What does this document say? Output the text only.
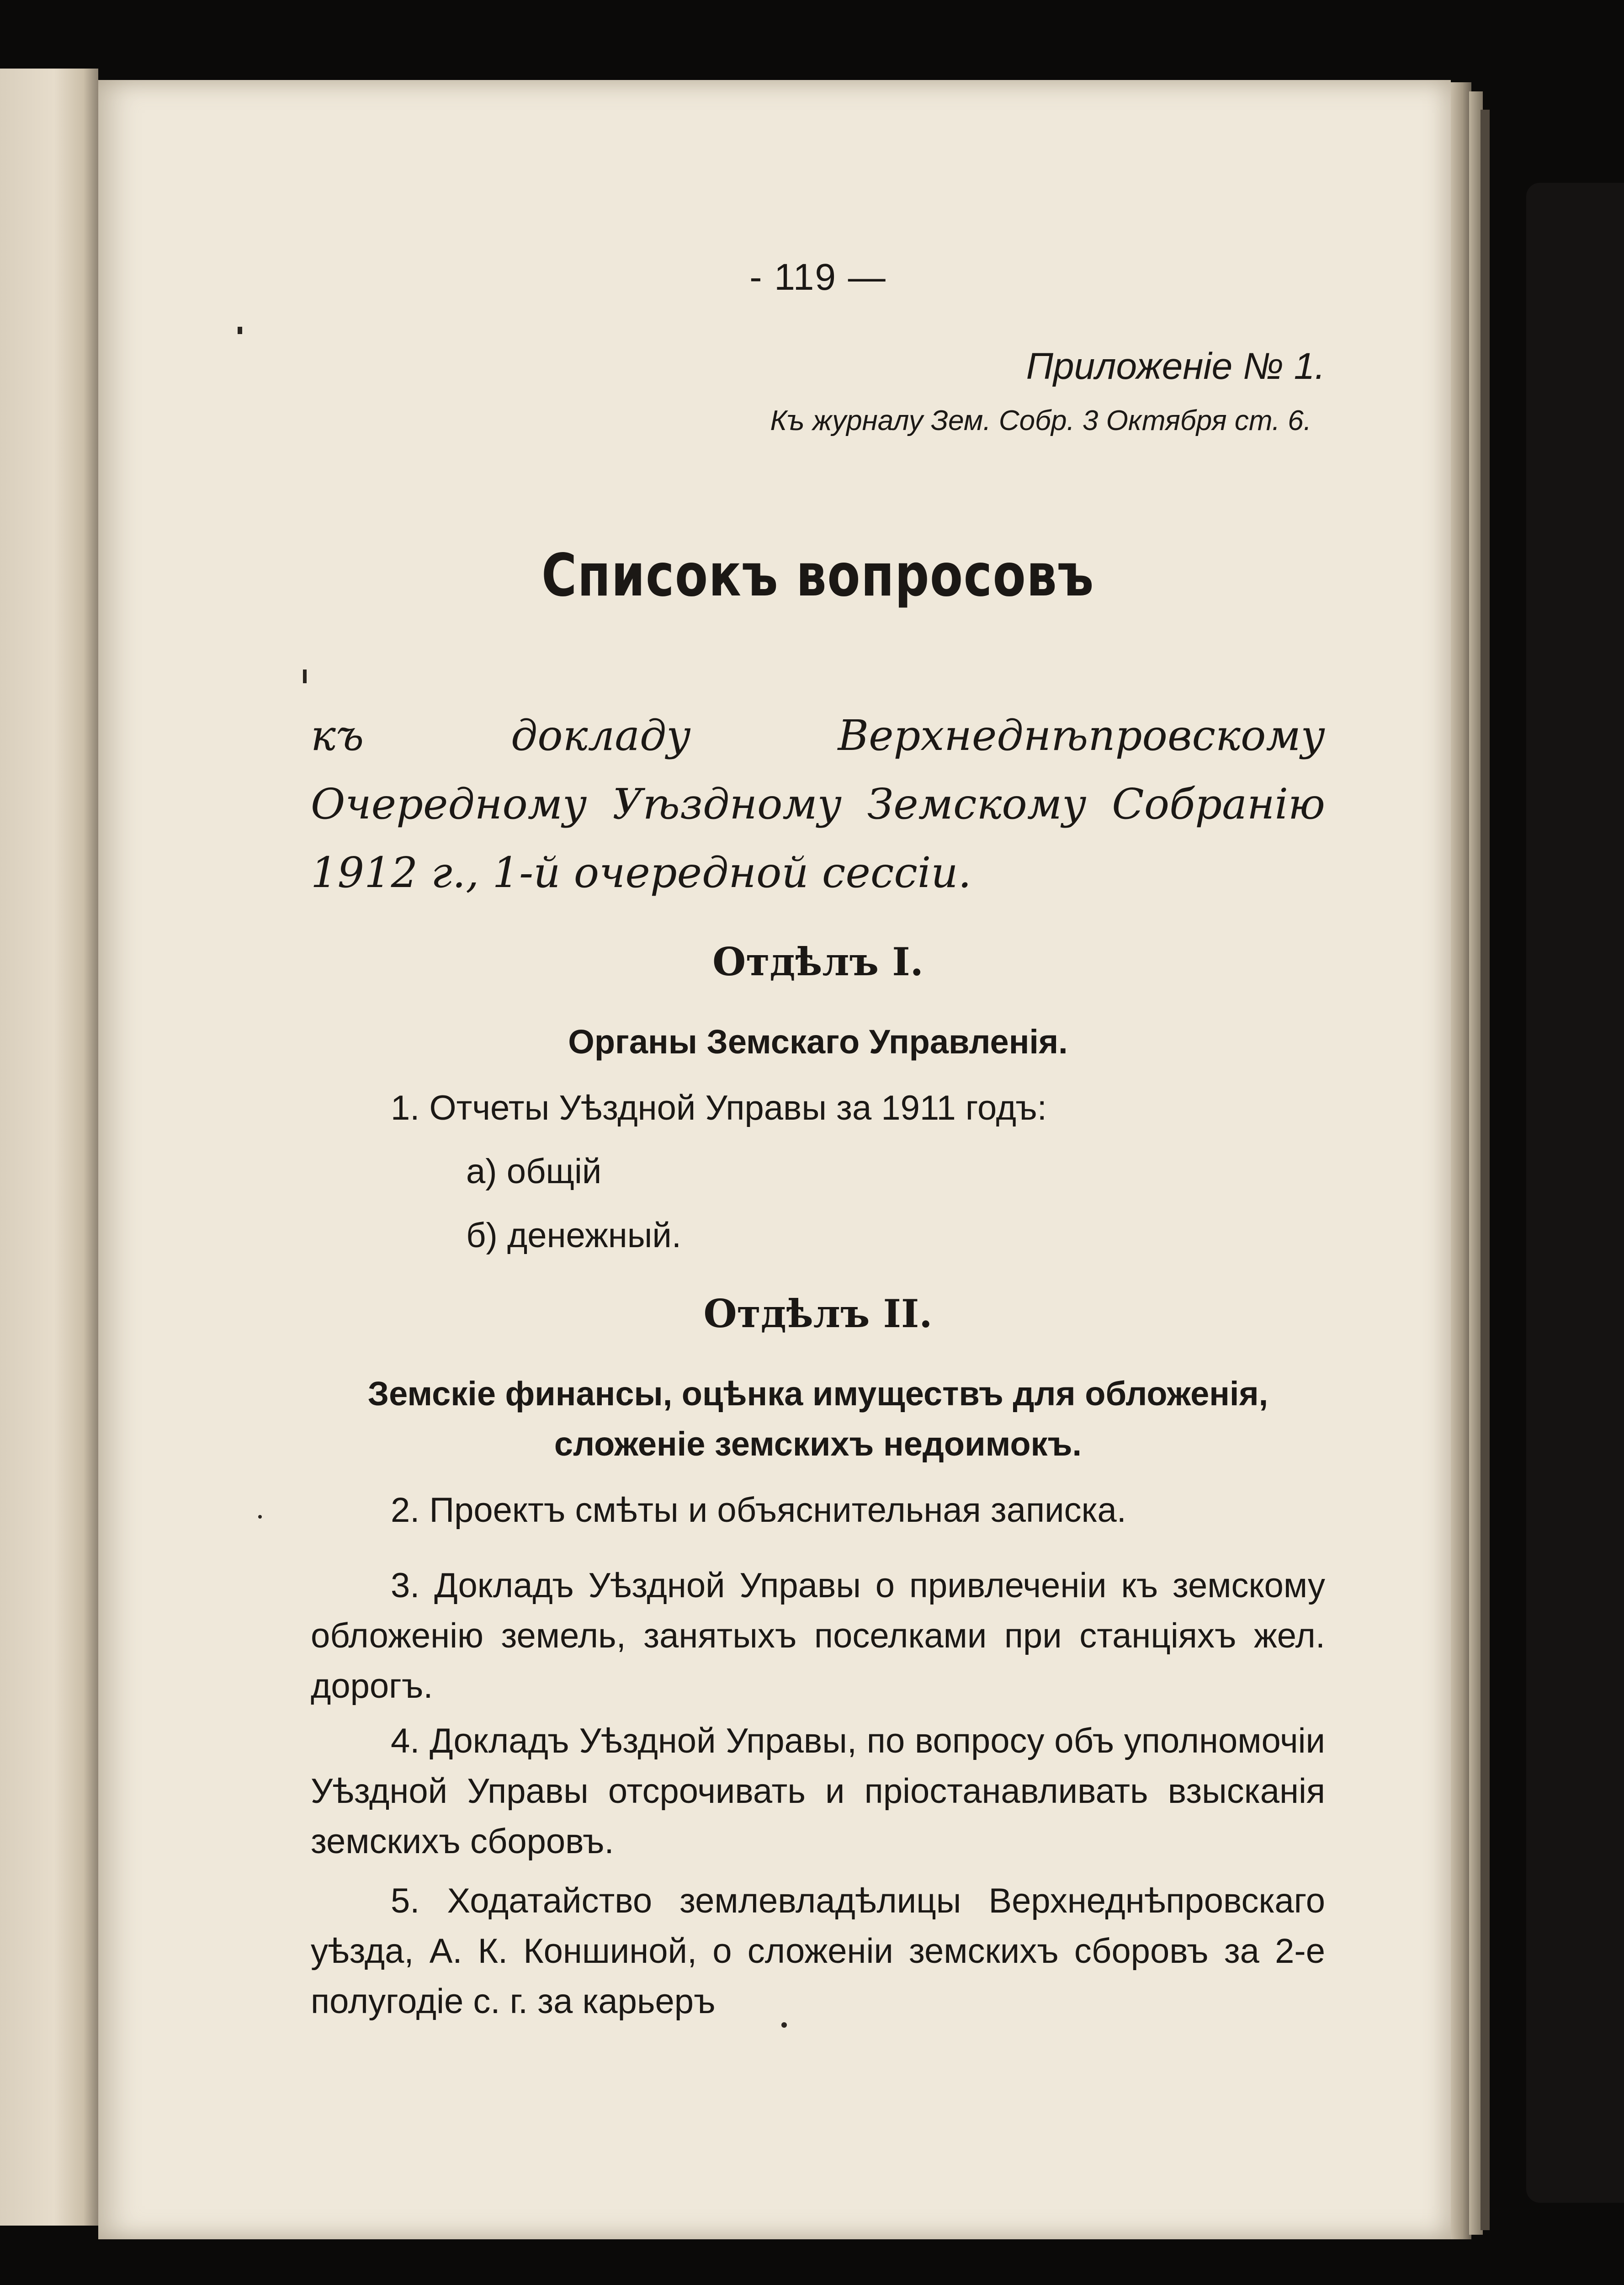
- 119 —
Приложеніе № 1.
Къ журналу Зем. Собр. 3 Октября ст. 6.
Списокъ вопросовъ
къ докладу Верхнеднѣпровскому Очередному Уѣздному Земскому Собранію 1912 г., 1-й очередной сессіи.
Отдѣлъ I.
Органы Земскаго Управленія.
1. Отчеты Уѣздной Управы за 1911 годъ:
а) общій
б) денежный.
Отдѣлъ II.
Земскіе финансы, оцѣнка имуществъ для обложенія, сложеніе земскихъ недоимокъ.
2. Проектъ смѣты и объяснительная записка.
3. Докладъ Уѣздной Управы о привлеченіи къ земскому обложенію земель, занятыхъ поселками при станціяхъ жел. дорогъ.
4. Докладъ Уѣздной Управы, по вопросу объ уполномочіи Уѣздной Управы отсрочивать и пріостанавливать взысканія земскихъ сборовъ.
5. Ходатайство землевладѣлицы Верхнеднѣпровскаго уѣзда, А. К. Коншиной, о сложеніи земскихъ сборовъ за 2-е полугодіе с. г. за карьеръ
